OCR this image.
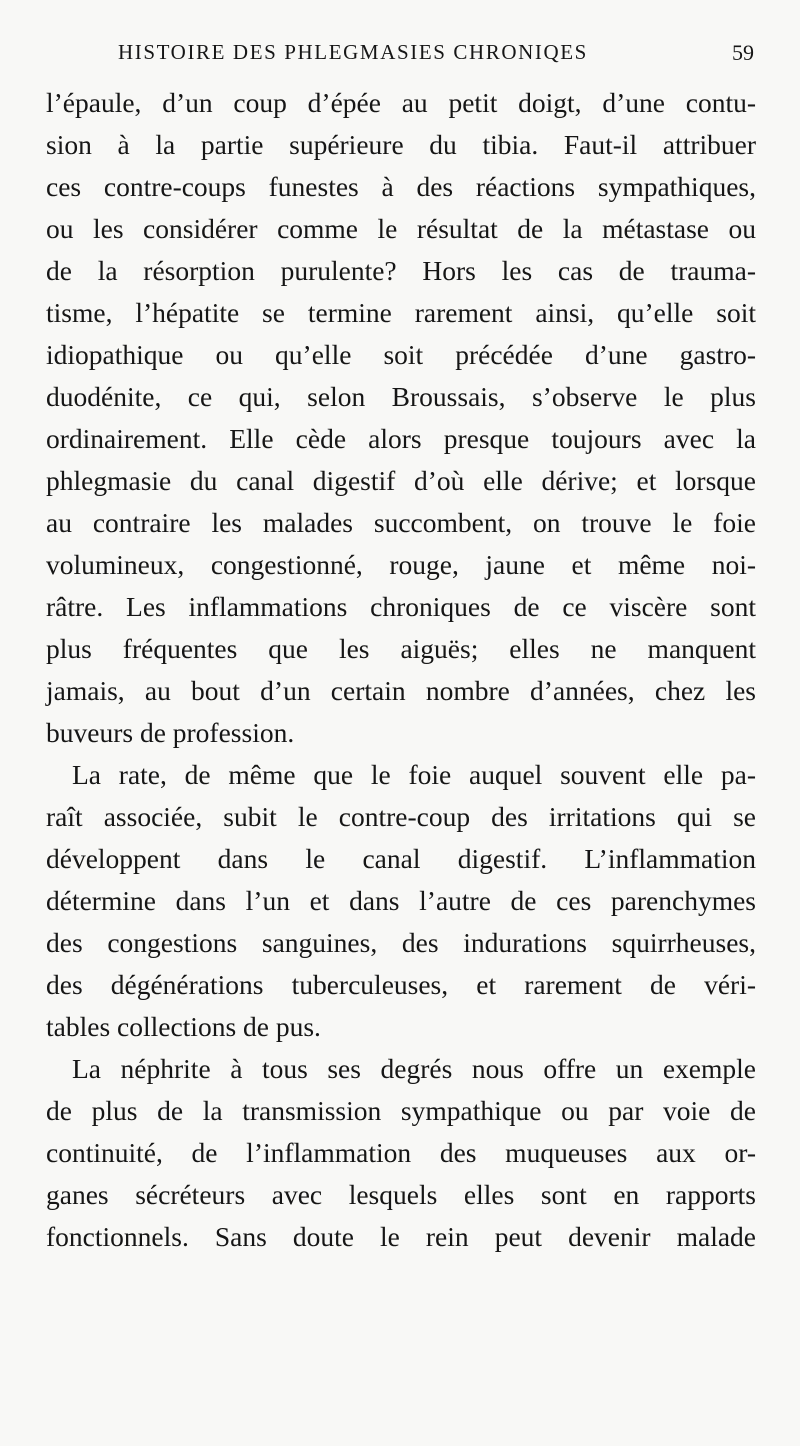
HISTOIRE DES PHLEGMASIES CHRONIQES	59
l’épaule, d’un coup d’épée au petit doigt, d’une contu-
sion à la partie supérieure du tibia. Faut-il attribuer
ces contre-coups funestes à des réactions sympathiques,
ou les considérer comme le résultat de la métastase ou
de la résorption purulente? Hors les cas de trauma-
tisme, l’hépatite se termine rarement ainsi, qu’elle soit
idiopathique ou qu’elle soit précédée d’une gastro-
duodénite, ce qui, selon Broussais, s’observe le plus
ordinairement. Elle cède alors presque toujours avec la
phlegmasie du canal digestif d’où elle dérive; et lorsque
au contraire les malades succombent, on trouve le foie
volumineux, congestionné, rouge, jaune et même noi-
râtre. Les inflammations chroniques de ce viscère sont
plus fréquentes que les aiguës; elles ne manquent
jamais, au bout d’un certain nombre d’années, chez les
buveurs de profession.
La rate, de même que le foie auquel souvent elle pa-
raît associée, subit le contre-coup des irritations qui se
développent dans le canal digestif. L’inflammation
détermine dans l’un et dans l’autre de ces parenchymes
des congestions sanguines, des indurations squirrheuses,
des dégénérations tuberculeuses, et rarement de véri-
tables collections de pus.
La néphrite à tous ses degrés nous offre un exemple
de plus de la transmission sympathique ou par voie de
continuité, de l’inflammation des muqueuses aux or-
ganes sécréteurs avec lesquels elles sont en rapports
fonctionnels. Sans doute le rein peut devenir malade
